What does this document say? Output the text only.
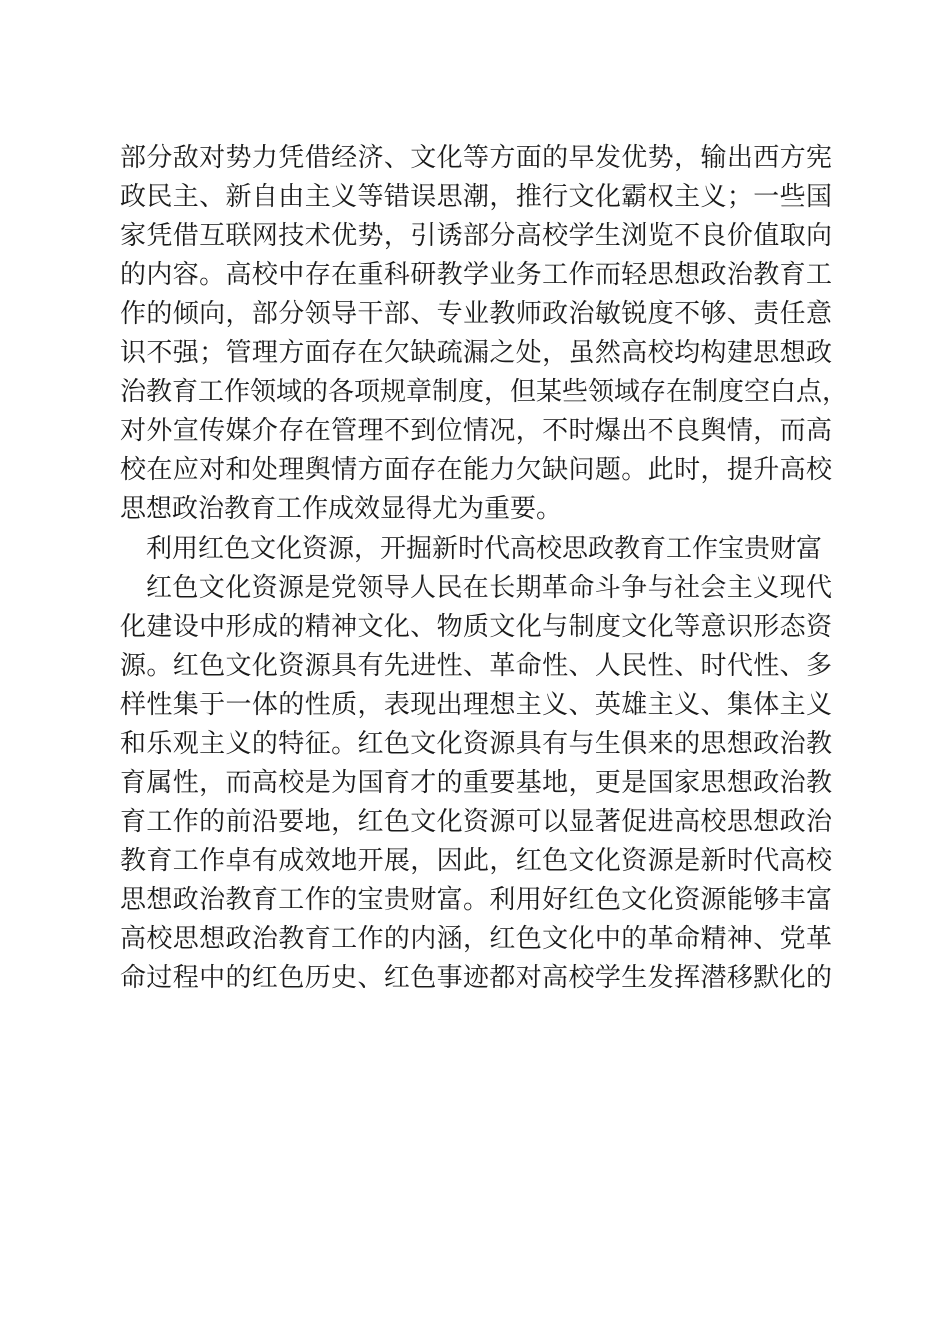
部分敌对势力凭借经济、文化等方面的早发优势，输出西方宪
政民主、新自由主义等错误思潮，推行文化霸权主义；一些国
家凭借互联网技术优势，引诱部分高校学生浏览不良价值取向
的内容。高校中存在重科研教学业务工作而轻思想政治教育工
作的倾向，部分领导干部、专业教师政治敏锐度不够、责任意
识不强；管理方面存在欠缺疏漏之处，虽然高校均构建思想政
治教育工作领域的各项规章制度，但某些领域存在制度空白点，
对外宣传媒介存在管理不到位情况，不时爆出不良舆情，而高
校在应对和处理舆情方面存在能力欠缺问题。此时，提升高校
思想政治教育工作成效显得尤为重要。
利用红色文化资源，开掘新时代高校思政教育工作宝贵财富
红色文化资源是党领导人民在长期革命斗争与社会主义现代
化建设中形成的精神文化、物质文化与制度文化等意识形态资
源。红色文化资源具有先进性、革命性、人民性、时代性、多
样性集于一体的性质，表现出理想主义、英雄主义、集体主义
和乐观主义的特征。红色文化资源具有与生俱来的思想政治教
育属性，而高校是为国育才的重要基地，更是国家思想政治教
育工作的前沿要地，红色文化资源可以显著促进高校思想政治
教育工作卓有成效地开展，因此，红色文化资源是新时代高校
思想政治教育工作的宝贵财富。利用好红色文化资源能够丰富
高校思想政治教育工作的内涵，红色文化中的革命精神、党革
命过程中的红色历史、红色事迹都对高校学生发挥潜移默化的
